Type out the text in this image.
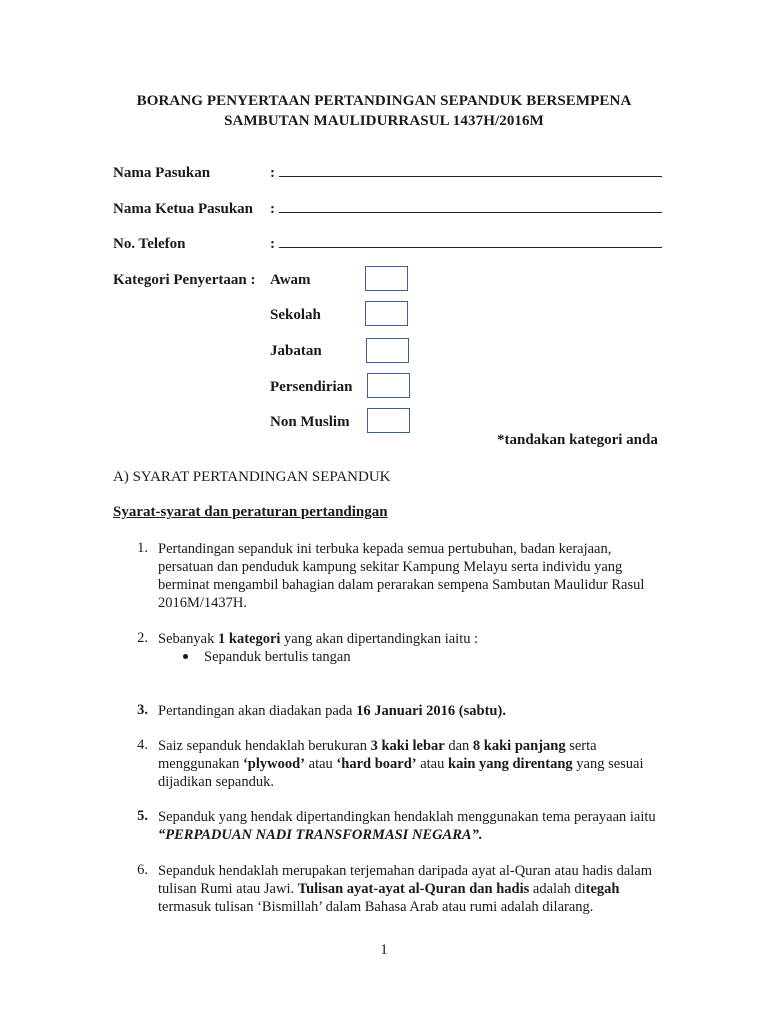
BORANG PENYERTAAN PERTANDINGAN SEPANDUK BERSEMPENA
SAMBUTAN MAULIDURRASUL 1437H/2016M
Nama Pasukan	:
Nama Ketua Pasukan :
No. Telefon	:
Kategori Penyertaan : Awam
Sekolah
Jabatan
Persendirian
Non Muslim
*tandakan kategori anda
A) SYARAT PERTANDINGAN SEPANDUK
Syarat-syarat dan peraturan pertandingan
1. Pertandingan sepanduk ini terbuka kepada semua pertubuhan, badan kerajaan,
persatuan dan penduduk kampung sekitar Kampung Melayu serta individu yang
berminat mengambil bahagian dalam perarakan sempena Sambutan Maulidur Rasul
2016M/1437H.
2. Sebanyak 1 kategori yang akan dipertandingkan iaitu :
Sepanduk bertulis tangan
3. Pertandingan akan diadakan pada 16 Januari 2016 (sabtu).
4. Saiz sepanduk hendaklah berukuran 3 kaki lebar dan 8 kaki panjang serta
menggunakan ‘plywood’ atau ‘hard board’ atau kain yang direntang yang sesuai
dijadikan sepanduk.
5. Sepanduk yang hendak dipertandingkan hendaklah menggunakan tema perayaan iaitu
“PERPADUAN NADI TRANSFORMASI NEGARA”.
6. Sepanduk hendaklah merupakan terjemahan daripada ayat al-Quran atau hadis dalam
tulisan Rumi atau Jawi. Tulisan ayat-ayat al-Quran dan hadis adalah ditegah
termasuk tulisan ‘Bismillah’ dalam Bahasa Arab atau rumi adalah dilarang.
1
